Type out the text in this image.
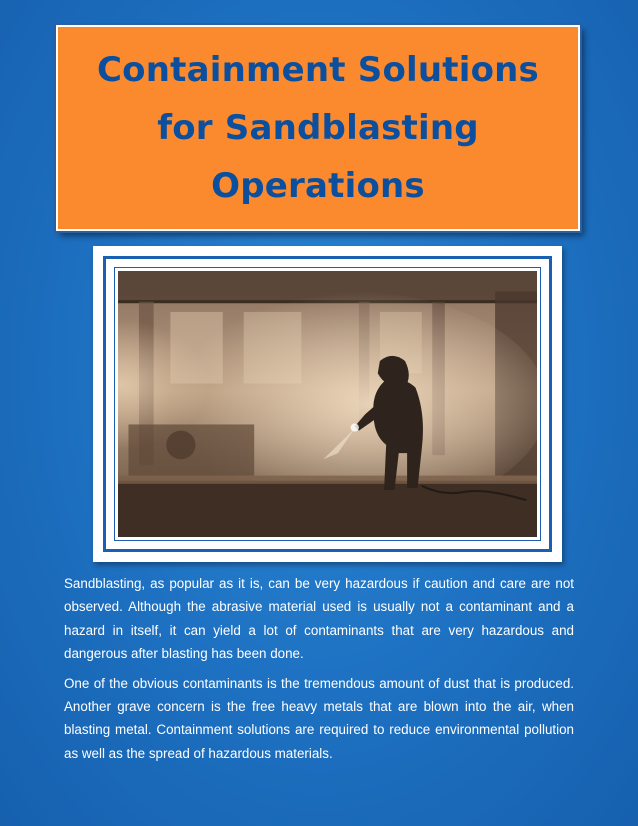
Containment Solutions
for Sandblasting
Operations

Sandblasting, as popular as it is, can be very hazardous if caution and care are not observed. Although the abrasive material used is usually not a contaminant and a hazard in itself, it can yield a lot of contaminants that are very hazardous and dangerous after blasting has been done.

One of the obvious contaminants is the tremendous amount of dust that is produced. Another grave concern is the free heavy metals that are blown into the air, when blasting metal. Containment solutions are required to reduce environmental pollution as well as the spread of hazardous materials.
